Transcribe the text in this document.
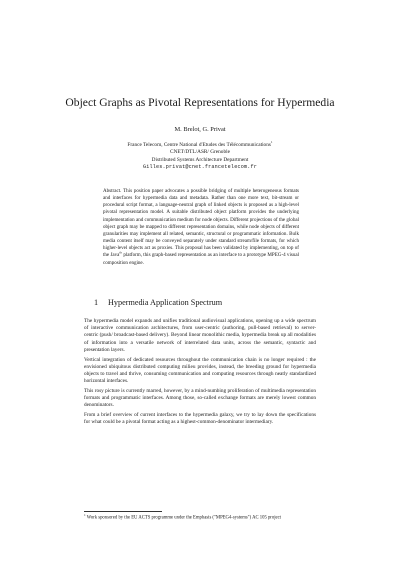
Object Graphs as Pivotal Representations for Hypermedia
M. Brelot, G. Privat
France Telecom, Centre National d'Etudes des Télécommunications$^1$
CNET/DTL/ASR/ Grenoble
Distributed Systems Architecture Department
Gilles.privat@cnet.francetelecom.fr
Abstract. This position paper advocates a possible bridging of multiple heterogeneous formats and interfaces for hypermedia data and metadata. Rather than one more text, bit-stream or procedural script format, a language-neutral graph of linked objects is proposed as a high-level pivotal representation model. A suitable distributed object platform provides the underlying implementation and communication medium for node objects. Different projections of the global object graph may be mapped to different representation domains, while node objects of different granularities may implement all related, semantic, structural or programmatic information. Bulk media content itself may be conveyed separately under standard stream/file formats, for which higher-level objects act as proxies. This proposal has been validated by implementing, on top of the Java$^{tb}$ platform, this graph-based representation as an interface to a prototype MPEG-4 visual composition engine.
1 Hypermedia Application Spectrum

The hypermedia model expands and unifies traditional audiovisual applications, opening up a wide spectrum of interactive communication architectures, from user-centric (authoring, pull-based retrieval) to server-centric (push/ broadcast-based delivery). Beyond linear monolithic media, hypermedia break up all modalities of information into a versatile network of interrelated data units, across the semantic, syntactic and presentation layers.

Vertical integration of dedicated resources throughout the communication chain is no longer required : the envisioned ubiquitous distributed computing milieu provides, instead, the breeding ground for hypermedia objects to travel and thrive, consuming communication and computing resources through neatly standardized horizontal interfaces.

This rosy picture is currently marred, however, by a mind-numbing proliferation of multimedia representation formats and programmatic interfaces. Among those, so-called exchange formats are merely lowest common denominators.

From a brief overview of current interfaces to the hypermedia galaxy, we try to lay down the specifications for what could be a pivotal format acting as a highest-common-denominator intermediary.

$^1$ Work sponsored by the EU ACTS programme under the Emphasis ("MPEG4-systems") AC 105 project
